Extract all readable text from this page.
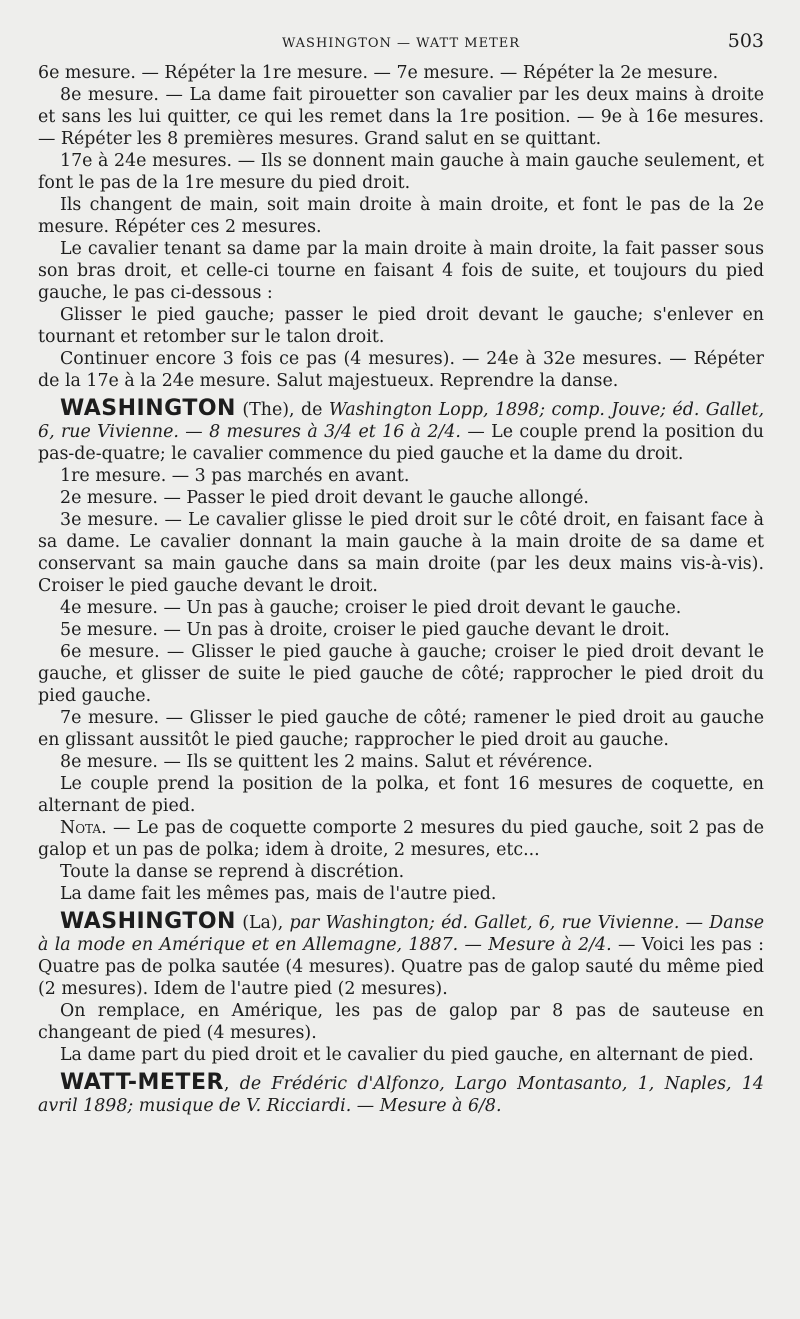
WASHINGTON — WATT METER	503

6e mesure. — Répéter la 1re mesure. — 7e mesure. — Répéter la 2e mesure.

8e mesure. — La dame fait pirouetter son cavalier par les deux mains à droite et sans les lui quitter, ce qui les remet dans la 1re position. — 9e à 16e mesures. — Répéter les 8 premières mesures. Grand salut en se quittant.

17e à 24e mesures. — Ils se donnent main gauche à main gauche seulement, et font le pas de la 1re mesure du pied droit.

Ils changent de main, soit main droite à main droite, et font le pas de la 2e mesure. Répéter ces 2 mesures.

Le cavalier tenant sa dame par la main droite à main droite, la fait passer sous son bras droit, et celle-ci tourne en faisant 4 fois de suite, et toujours du pied gauche, le pas ci-dessous :

Glisser le pied gauche; passer le pied droit devant le gauche; s'enlever en tournant et retomber sur le talon droit.

Continuer encore 3 fois ce pas (4 mesures). — 24e à 32e mesures. — Répéter de la 17e à la 24e mesure. Salut majestueux. Reprendre la danse.

WASHINGTON (The), de Washington Lopp, 1898; comp. Jouve; éd. Gallet, 6, rue Vivienne. — 8 mesures à 3/4 et 16 à 2/4. — Le couple prend la position du pas-de-quatre; le cavalier commence du pied gauche et la dame du droit.

1re mesure. — 3 pas marchés en avant.

2e mesure. — Passer le pied droit devant le gauche allongé.

3e mesure. — Le cavalier glisse le pied droit sur le côté droit, en faisant face à sa dame. Le cavalier donnant la main gauche à la main droite de sa dame et conservant sa main gauche dans sa main droite (par les deux mains vis-à-vis). Croiser le pied gauche devant le droit.

4e mesure. — Un pas à gauche; croiser le pied droit devant le gauche.

5e mesure. — Un pas à droite, croiser le pied gauche devant le droit.

6e mesure. — Glisser le pied gauche à gauche; croiser le pied droit devant le gauche, et glisser de suite le pied gauche de côté; rapprocher le pied droit du pied gauche.

7e mesure. — Glisser le pied gauche de côté; ramener le pied droit au gauche en glissant aussitôt le pied gauche; rapprocher le pied droit au gauche.

8e mesure. — Ils se quittent les 2 mains. Salut et révérence.

Le couple prend la position de la polka, et font 16 mesures de coquette, en alternant de pied.

Nota. — Le pas de coquette comporte 2 mesures du pied gauche, soit 2 pas de galop et un pas de polka; idem à droite, 2 mesures, etc...

Toute la danse se reprend à discrétion.

La dame fait les mêmes pas, mais de l'autre pied.

WASHINGTON (La), par Washington; éd. Gallet, 6, rue Vivienne. — Danse à la mode en Amérique et en Allemagne, 1887. — Mesure à 2/4. — Voici les pas : Quatre pas de polka sautée (4 mesures). Quatre pas de galop sauté du même pied (2 mesures). Idem de l'autre pied (2 mesures).

On remplace, en Amérique, les pas de galop par 8 pas de sauteuse en changeant de pied (4 mesures).

La dame part du pied droit et le cavalier du pied gauche, en alternant de pied.

WATT-METER, de Frédéric d'Alfonzo, Largo Montasanto, 1, Naples, 14 avril 1898; musique de V. Ricciardi. — Mesure à 6/8.
